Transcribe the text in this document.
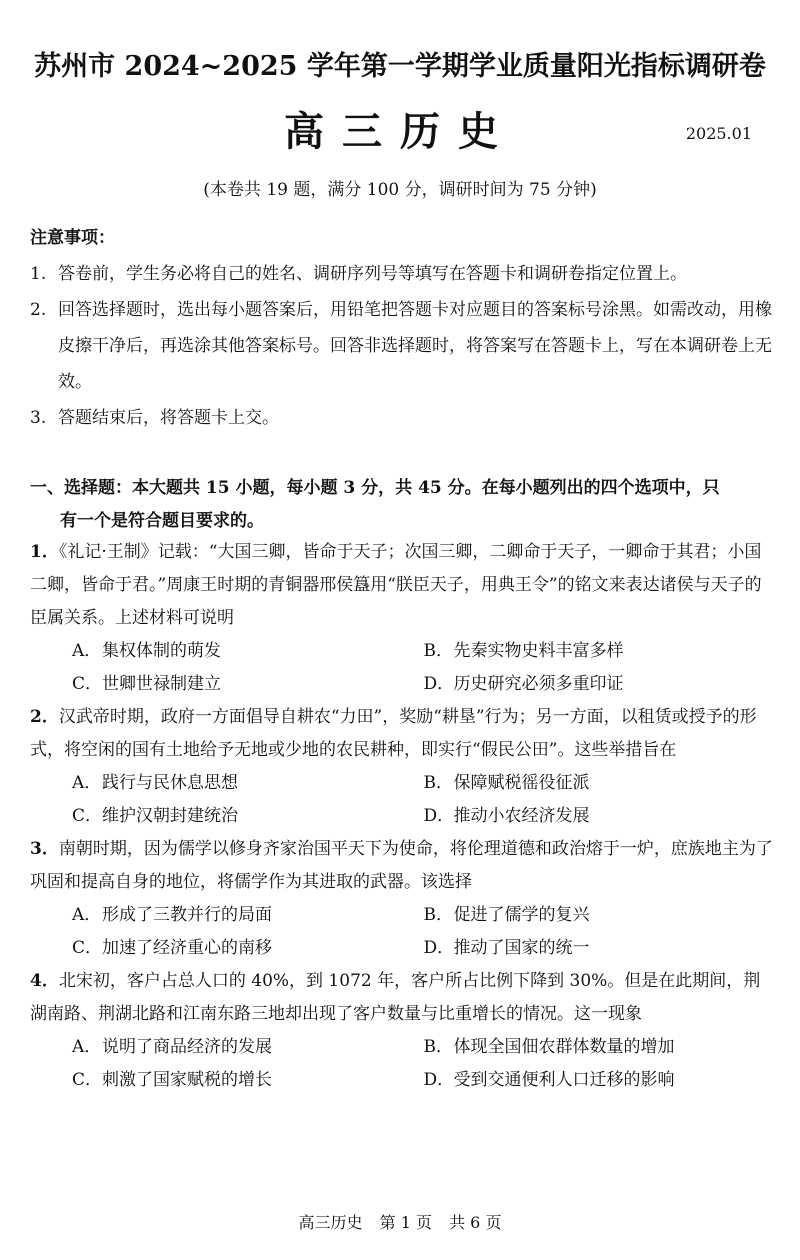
苏州市 2024~2025 学年第一学期学业质量阳光指标调研卷
高三历史	2025.01
(本卷共 19 题，满分 100 分，调研时间为 75 分钟)
注意事项：
1. 答卷前，学生务必将自己的姓名、调研序列号等填写在答题卡和调研卷指定位置上。
2. 回答选择题时，选出每小题答案后，用铅笔把答题卡对应题目的答案标号涂黑。如需改动，用橡皮擦干净后，再选涂其他答案标号。回答非选择题时，将答案写在答题卡上，写在本调研卷上无效。
3. 答题结束后，将答题卡上交。
一、选择题：本大题共 15 小题，每小题 3 分，共 45 分。在每小题列出的四个选项中，只
有一个是符合题目要求的。
1．《礼记·王制》记载：“大国三卿，皆命于天子；次国三卿，二卿命于天子，一卿命于其君；小国二卿，皆命于君。”周康王时期的青铜器邢侯簋用“朕臣天子，用典王令”的铭文来表达诸侯与天子的臣属关系。上述材料可说明
A．集权体制的萌发	B．先秦实物史料丰富多样
C．世卿世禄制建立	D．历史研究必须多重印证
2．汉武帝时期，政府一方面倡导自耕农“力田”，奖励“耕垦”行为；另一方面，以租赁或授予的形式，将空闲的国有土地给予无地或少地的农民耕种，即实行“假民公田”。这些举措旨在
A．践行与民休息思想	B．保障赋税徭役征派
C．维护汉朝封建统治	D．推动小农经济发展
3．南朝时期，因为儒学以修身齐家治国平天下为使命，将伦理道德和政治熔于一炉，庶族地主为了巩固和提高自身的地位，将儒学作为其进取的武器。该选择
A．形成了三教并行的局面	B．促进了儒学的复兴
C．加速了经济重心的南移	D．推动了国家的统一
4．北宋初，客户占总人口的 40%，到 1072 年，客户所占比例下降到 30%。但是在此期间，荆湖南路、荆湖北路和江南东路三地却出现了客户数量与比重增长的情况。这一现象
A．说明了商品经济的发展	B．体现全国佃农群体数量的增加
C．刺激了国家赋税的增长	D．受到交通便利人口迁移的影响
高三历史 第 1 页 共 6 页
